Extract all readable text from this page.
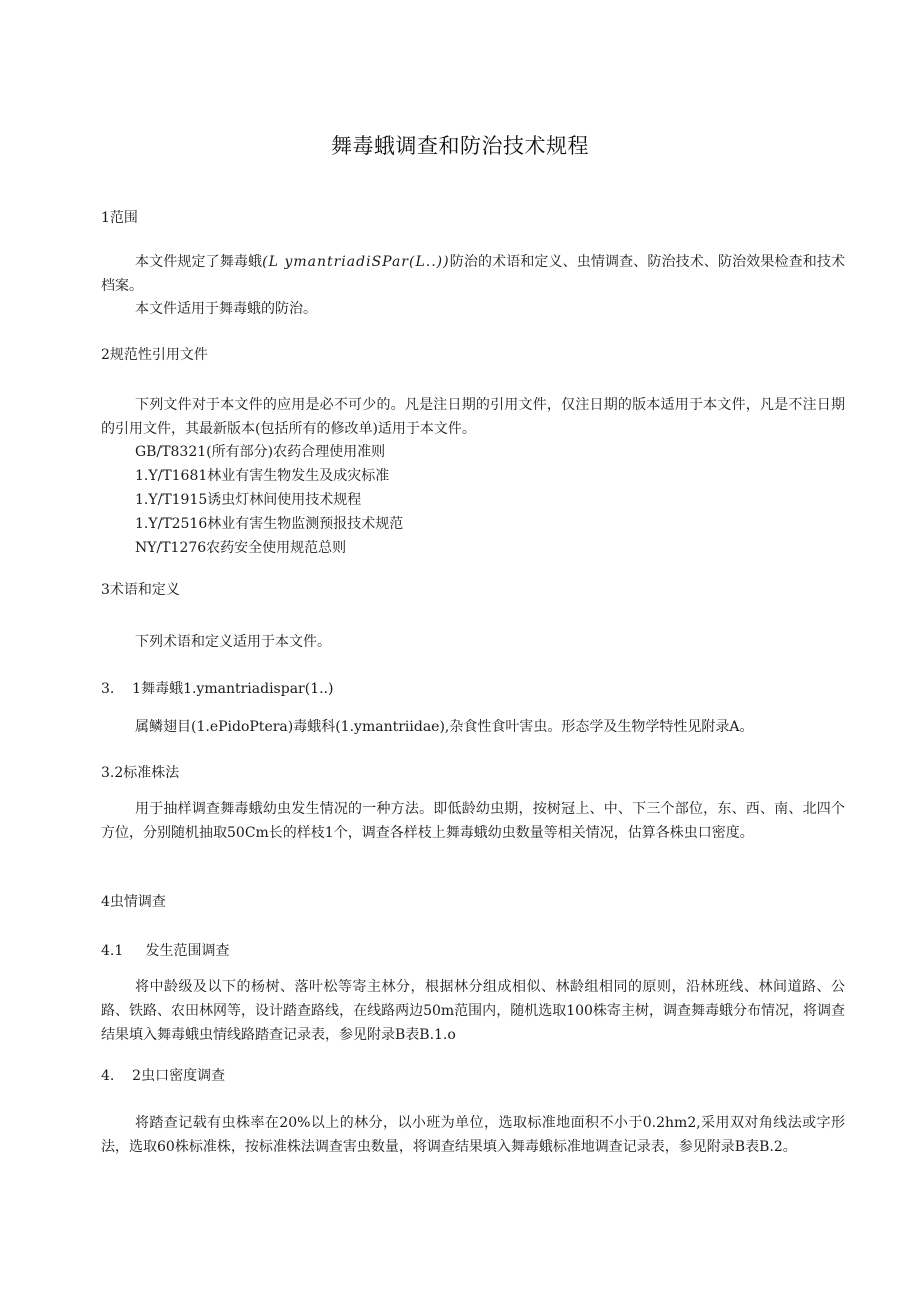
舞毒蛾调查和防治技术规程
1范围
本文件规定了舞毒蛾(L ymantriadiSPar(L..))防治的术语和定义、虫情调查、防治技术、防治效果检查和技术档案。
本文件适用于舞毒蛾的防治。
2规范性引用文件
下列文件对于本文件的应用是必不可少的。凡是注日期的引用文件，仅注日期的版本适用于本文件，凡是不注日期的引用文件，其最新版本(包括所有的修改单)适用于本文件。
GB/T8321(所有部分)农药合理使用准则
1.Y/T1681林业有害生物发生及成灾标准
1.Y/T1915诱虫灯林间使用技术规程
1.Y/T2516林业有害生物监测预报技术规范
NY/T1276农药安全使用规范总则
3术语和定义
下列术语和定义适用于本文件。
3.    1舞毒蛾1.ymantriadispar(1..)
属鳞翅目(1.ePidoPtera)毒蛾科(1.ymantriidae),杂食性食叶害虫。形态学及生物学特性见附录A。
3.2标准株法
用于抽样调查舞毒蛾幼虫发生情况的一种方法。即低龄幼虫期，按树冠上、中、下三个部位，东、西、南、北四个方位，分别随机抽取50Cm长的样枝1个，调查各样枝上舞毒蛾幼虫数量等相关情况，估算各株虫口密度。
4虫情调查
4.1     发生范围调查
将中龄级及以下的杨树、落叶松等寄主林分，根据林分组成相似、林龄组相同的原则，沿林班线、林间道路、公路、铁路、农田林网等，设计踏查路线，在线路两边50m范围内，随机选取100株寄主树，调查舞毒蛾分布情况，将调查结果填入舞毒蛾虫情线路踏查记录表，参见附录B表B.1.o
4.    2虫口密度调查
将踏查记载有虫株率在20%以上的林分，以小班为单位，选取标准地面积不小于0.2hm2,采用双对角线法或字形法，选取60株标准株，按标准株法调查害虫数量，将调查结果填入舞毒蛾标准地调查记录表，参见附录B表B.2。
